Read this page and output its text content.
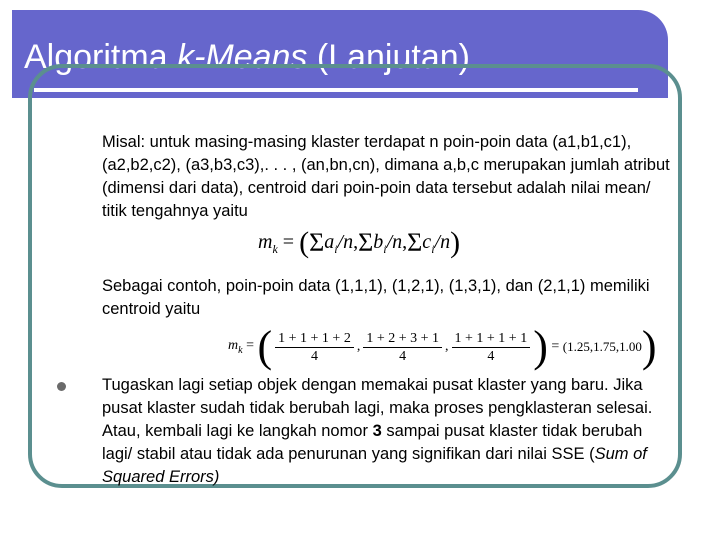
Algoritma k-Means (Lanjutan)

Misal: untuk masing-masing klaster terdapat n poin-poin data (a1,b1,c1), (a2,b2,c2), (a3,b3,c3),. . . , (an,bn,cn), dimana a,b,c merupakan jumlah atribut (dimensi dari data), centroid dari poin-poin data tersebut adalah nilai mean/ titik tengahnya yaitu

$m_k = (\Sigma a_i/n,\Sigma b_i/n,\Sigma c_i/n)$

Sebagai contoh, poin-poin data (1,1,1), (1,2,1), (1,3,1), dan (2,1,1) memiliki centroid yaitu

$m_k$ = ( $\frac{1 + 1 + 1 + 2}{4}$ , $\frac{1 + 2 + 3 + 1}{4}$ , $\frac{1 + 1 + 1 + 1}{4}$ ) = (1.25,1.75,1.00)

Tugaskan lagi setiap objek dengan memakai pusat klaster yang baru. Jika pusat klaster sudah tidak berubah lagi, maka proses pengklasteran selesai. Atau, kembali lagi ke langkah nomor 3 sampai pusat klaster tidak berubah lagi/ stabil atau tidak ada penurunan yang signifikan dari nilai SSE (Sum of Squared Errors)
